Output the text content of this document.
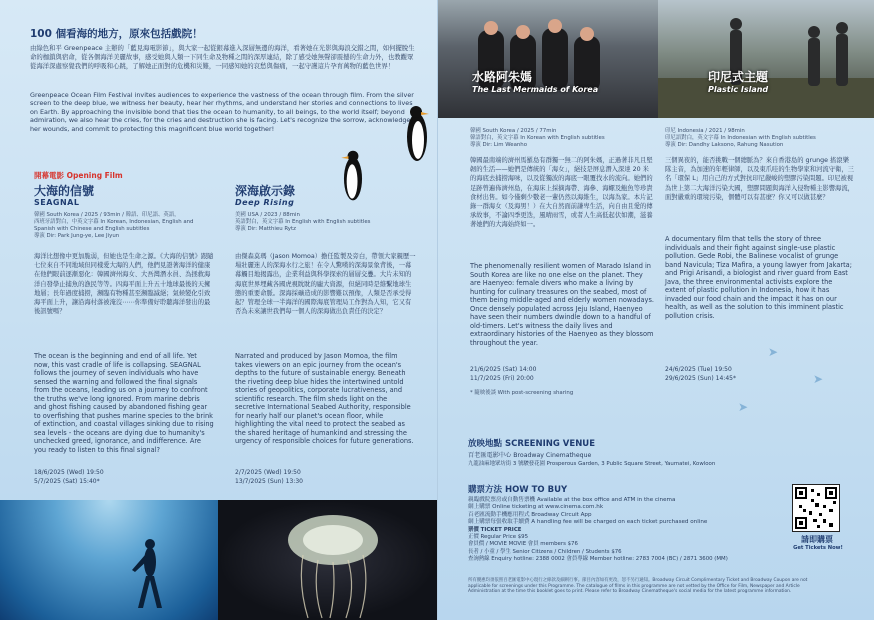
100 個看海的地方，原來包括戲院！
由綠色和平 Greenpeace 主辦的「藍見海電影節」，與大家一起從銀幕進入深層無邊的海洋，看著她在光影與海浪交錯之間，如何擺脫生命的枷鎖與宿命，從各個海洋美麗故事，感受她與人類一下同生命及物種之間的深厚連結，除了感受她無聲卻震撼的生命力外，也教觀眾從海洋深處察覺我們的呼吸和心跳，了解她正面對的危機和災難，一同感知她的哀愁與傷痛，一起守護這片孕育萬物的藍色世界！
Greenpeace Ocean Film Festival invites audiences to experience the vastness of the ocean through film. From the silver screen to the deep blue, we witness her beauty, hear her rhythms, and understand her stories and connections to lives on Earth. By approaching the invisible bond that ties the ocean to humanity, to all beings, to the world itself; beyond admiration, we also hear the cries, for the cries and destruction she is facing. Let's recognize the sorrow, acknowledge her wounds, and commit to protecting this magnificent blue world together!
開幕電影 Opening Film
大海的信號
SEAGNAL
韓國 South Korea / 2025 / 93min / 韓語、印尼語、英語，
西班牙語對白，中英文字幕 In Korean, Indonesian, English and
Spanish with Chinese and English subtitles
導演 Dir: Park Jung-ye, Lee Jiyun
海洋比想像中更加脆弱，但她也是生命之源。《大海的信號》跟隨七位來自不同地域但同樣愛大海的人們，他們見證著海洋的健康在他們眼前逐漸惡化：韓國濟州海女、大吾灣潛水員、為拯救海洋自發學止捕魚的漁民等等。四海平面上升五十地球最後的天擁地層；長年過度捕撈，瀕臨有物種甚至瀕臨滅絕；氣候變化引致海平面上升，讓沿海村落被淹沒⋯⋯你準備好聆聽海洋發出的最後訊號嗎？
The ocean is the beginning and end of all life. Yet now, this vast cradle of life is collapsing. SEAGNAL follows the journey of seven individuals who have sensed the warning and followed the final signals from the oceans, leading us on a journey to confront the truths we've long ignored. From marine debris and ghost fishing caused by abandoned fishing gear to overfishing that pushes marine species to the brink of extinction, and coastal villages sinking due to rising sea levels - the oceans are dying due to humanity's unchecked greed, ignorance, and indifference. Are you ready to listen to this final signal?
18/6/2025 (Wed) 19:50
5/7/2025 (Sat) 15:40*
深海啟示錄
Deep Rising
美國 USA / 2023 / 88min
英語對白，英文字幕 In English with English subtitles
導演 Dir: Matthieu Rytz
由傑森莫瑪（Jason Momoa）擔任監製及旁白，帶領大家親歷一場壯麗迷人的深海水行之旅！在令人驚嘆的深海景象背後，一幕幕觸目地揭露出，企業利益與科學探索的層層交疊。大片未知的海底世界埋藏各國虎視眈眈的龐大資源，但絕同時是維繫地球生態的重要命脈。深海採礦造成的影響難以預像，人類是否承受得起？管理全球一半海洋的國際海底管理局工作對為人知，它又有否為未來讓世我們每一個人的深海做出負責任的決定？
Narrated and produced by Jason Momoa, the film takes viewers on an epic journey from the ocean's depths to the future of sustainable energy. Beneath the riveting deep blue hides the intertwined untold stories of geopolitics, corporate lucrativeness, and scientific research. The film sheds light on the secretive International Seabed Authority, responsible for nearly half our planet's ocean floor, while highlighting the vital need to protect the seabed as the shared heritage of humankind and stressing the urgency of responsible choices for future generations.
2/7/2025 (Wed) 19:50
13/7/2025 (Sun) 13:30
水路阿朱媽
The Last Mermaids of Korea
印尼式主題
Plastic Island
韓國 South Korea / 2025 / 77min
韓語對白，英文字幕 In Korean with English subtitles
導演 Dir: Lim Weanho
韓國最南端的濟州馬羅島有群獨一無二的阿朱媽，正過著非凡且堅韌的生活——她們是傳統的「海女」，絕技是屏息潛入深達 20 米的海底去捕撈海味，以及從獨波的海底一眼覆找水的流向。她們的足跡曾遍佈濟州島，在海床上採摘海帶、海參、海螺及鮑魚等珍貴食材出售。如今僅剩少數老一輩仍然以海維生，以海為家。本片記錄一群海女（及海男！）在大自然面前謙卑生活，向自由且愛的傳承故事，不論四季更迭，風晴雨雪，或者人生高低起伏如潮，滋養著她們的大海始終如一。
The phenomenally resilient women of Marado Island in South Korea are like no one else on the planet. They are Haenyeo: female divers who make a living by hunting for culinary treasures on the seabed, most of them being middle-aged and elderly women nowadays. Once densely populated across Jeju Island, Haenyeo have seen their numbers dwindle down to a handful of old-timers. Let's witness the daily lives and extraordinary histories of the Haenyeo as they blossom throughout the year.
21/6/2025 (Sat) 14:00
11/7/2025 (Fri) 20:00
* 隨映後談 With post-screening sharing
印尼 Indonesia / 2021 / 98min
印尼語對白，英文字幕 In Indonesian with English subtitles
導演 Dir: Dandhy Laksono, Rahung Nasution
三個異夜的，能否挑戰一個總脈為？來自香港島的 grunge 搖滾樂隊主音，為加速的年輕律師，以及東爪哇的生物學家和河流守衛，三名「環保 L」用自己的方式對抗印尼嚴峻的塑膠污染問題。印尼被視為世上第二大海洋污染大國，塑膠問題與海洋入侵物種主影響海流，面對嚴重的環境污染，個體可以有甚麼？你又可以做甚麼？
A documentary film that tells the story of three individuals and their fight against single-use plastic pollution. Gede Robi, the Balinese vocalist of grunge band Navicula; Tiza Mafira, a young lawyer from Jakarta; and Prigi Arisandi, a biologist and river guard from East Java, the three environmental activists explore the extent of plastic pollution in Indonesia, how it has invaded our food chain and the impact it has on our health, as well as the solution to this imminent plastic pollution crisis.
24/6/2025 (Tue) 19:50
29/6/2025 (Sun) 14:45*
➤
➤
➤
放映地點 SCREENING VENUE
百老匯電影中心 Broadway Cinematheque
九龍油麻地眾坊街 3 號駿發花園 Prosperous Garden, 3 Public Square Street, Yaumatei, Kowloon
購票方法 HOW TO BUY
親臨戲院票房或自動售票機 Available at the box office and ATM in the cinema
網上購票 Online ticketing at www.cinema.com.hk
百老匯流動手機應用程式 Broadway Circuit App
網上購票每張收取手續費 A handling fee will be charged on each ticket purchased online
票價 TICKET PRICE
正價 Regular Price $95
會員價 / MOVIE MOVIE 會員 members $76
長者 / 小童 / 學生 Senior Citizens / Children / Students $76
查詢熱線 Enquiry hotline: 2388 0002 會員專線 Member hotline: 2783 7004 (BC) / 2871 3600 (MM)
所有優惠均須依照百老匯電影中心現行之條款及細則行事。節目內容如有更改，恕不另行通知。Broadway Circuit Complimentary Ticket and Broadway Coupon are not applicable for screenings under this Programme. The catalogue of films in this programme are not vetted by the Office for Film, Newspaper and Article Administration at the time this booklet goes to print. Please refer to Broadway Cinematheque's social media for the latest programme information.
請即購票
Get Tickets Now!
